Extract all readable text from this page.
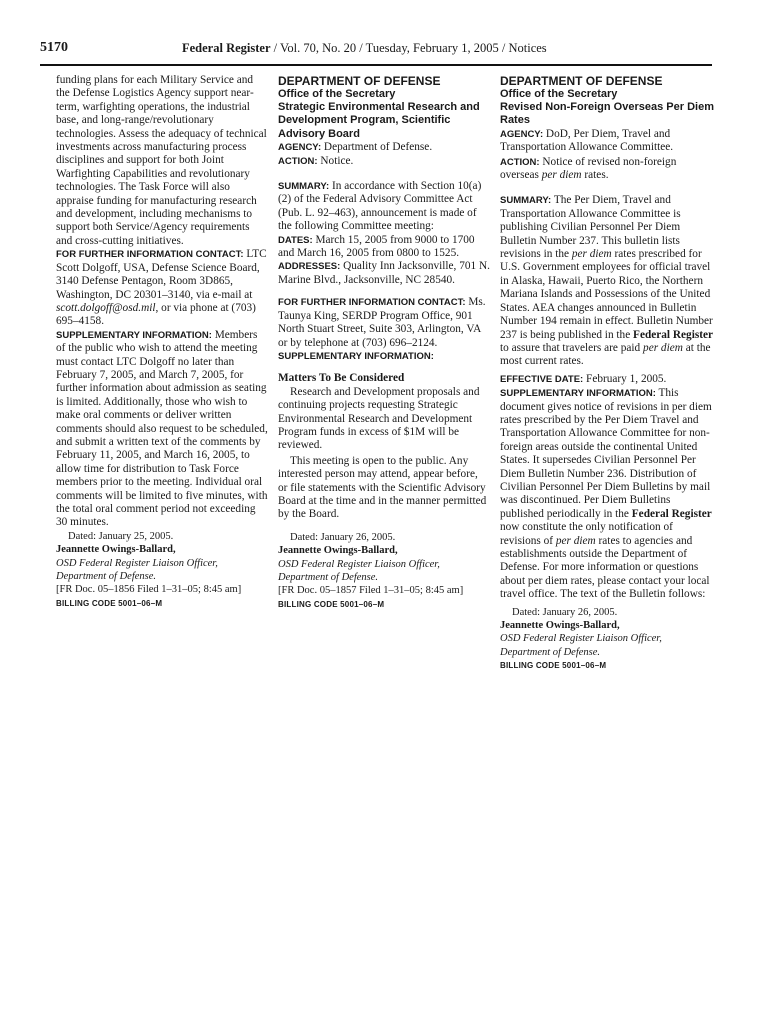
5170	Federal Register / Vol. 70, No. 20 / Tuesday, February 1, 2005 / Notices

funding plans for each Military Service and the Defense Logistics Agency support near-term, warfighting operations, the industrial base, and long-range/revolutionary technologies. Assess the adequacy of technical investments across manufacturing process disciplines and support for both Joint Warfighting Capabilities and revolutionary technologies. The Task Force will also appraise funding for manufacturing research and development, including mechanisms to support both Service/Agency requirements and cross-cutting initiatives.

FOR FURTHER INFORMATION CONTACT: LTC Scott Dolgoff, USA, Defense Science Board, 3140 Defense Pentagon, Room 3D865, Washington, DC 20301–3140, via e-mail at scott.dolgoff@osd.mil, or via phone at (703) 695–4158.

SUPPLEMENTARY INFORMATION: Members of the public who wish to attend the meeting must contact LTC Dolgoff no later than February 7, 2005, and March 7, 2005, for further information about admission as seating is limited. Additionally, those who wish to make oral comments or deliver written comments should also request to be scheduled, and submit a written text of the comments by February 11, 2005, and March 16, 2005, to allow time for distribution to Task Force members prior to the meeting. Individual oral comments will be limited to five minutes, with the total oral comment period not exceeding 30 minutes.

Dated: January 25, 2005.

Jeannette Owings-Ballard,

OSD Federal Register Liaison Officer, Department of Defense.

[FR Doc. 05–1856 Filed 1–31–05; 8:45 am]

BILLING CODE 5001–06–M

DEPARTMENT OF DEFENSE

Office of the Secretary

Strategic Environmental Research and Development Program, Scientific Advisory Board

AGENCY: Department of Defense.

ACTION: Notice.

SUMMARY: In accordance with Section 10(a)(2) of the Federal Advisory Committee Act (Pub. L. 92–463), announcement is made of the following Committee meeting:

DATES: March 15, 2005 from 9000 to 1700 and March 16, 2005 from 0800 to 1525.

ADDRESSES: Quality Inn Jacksonville, 701 N. Marine Blvd., Jacksonville, NC 28540.

FOR FURTHER INFORMATION CONTACT: Ms. Taunya King, SERDP Program Office, 901 North Stuart Street, Suite 303, Arlington, VA or by telephone at (703) 696–2124.

SUPPLEMENTARY INFORMATION:

Matters To Be Considered

Research and Development proposals and continuing projects requesting Strategic Environmental Research and Development Program funds in excess of $1M will be reviewed.

This meeting is open to the public. Any interested person may attend, appear before, or file statements with the Scientific Advisory Board at the time and in the manner permitted by the Board.

Dated: January 26, 2005.

Jeannette Owings-Ballard,

OSD Federal Register Liaison Officer, Department of Defense.

[FR Doc. 05–1857 Filed 1–31–05; 8:45 am]

BILLING CODE 5001–06–M

DEPARTMENT OF DEFENSE

Office of the Secretary

Revised Non-Foreign Overseas Per Diem Rates

AGENCY: DoD, Per Diem, Travel and Transportation Allowance Committee.

ACTION: Notice of revised non-foreign overseas per diem rates.

SUMMARY: The Per Diem, Travel and Transportation Allowance Committee is publishing Civilian Personnel Per Diem Bulletin Number 237. This bulletin lists revisions in the per diem rates prescribed for U.S. Government employees for official travel in Alaska, Hawaii, Puerto Rico, the Northern Mariana Islands and Possessions of the United States. AEA changes announced in Bulletin Number 194 remain in effect. Bulletin Number 237 is being published in the Federal Register to assure that travelers are paid per diem at the most current rates.

EFFECTIVE DATE: February 1, 2005.

SUPPLEMENTARY INFORMATION: This document gives notice of revisions in per diem rates prescribed by the Per Diem Travel and Transportation Allowance Committee for non-foreign areas outside the continental United States. It supersedes Civilian Personnel Per Diem Bulletin Number 236. Distribution of Civilian Personnel Per Diem Bulletins by mail was discontinued. Per Diem Bulletins published periodically in the Federal Register now constitute the only notification of revisions of per diem rates to agencies and establishments outside the Department of Defense. For more information or questions about per diem rates, please contact your local travel office. The text of the Bulletin follows:

Dated: January 26, 2005.

Jeannette Owings-Ballard,

OSD Federal Register Liaison Officer, Department of Defense.

BILLING CODE 5001–06–M
